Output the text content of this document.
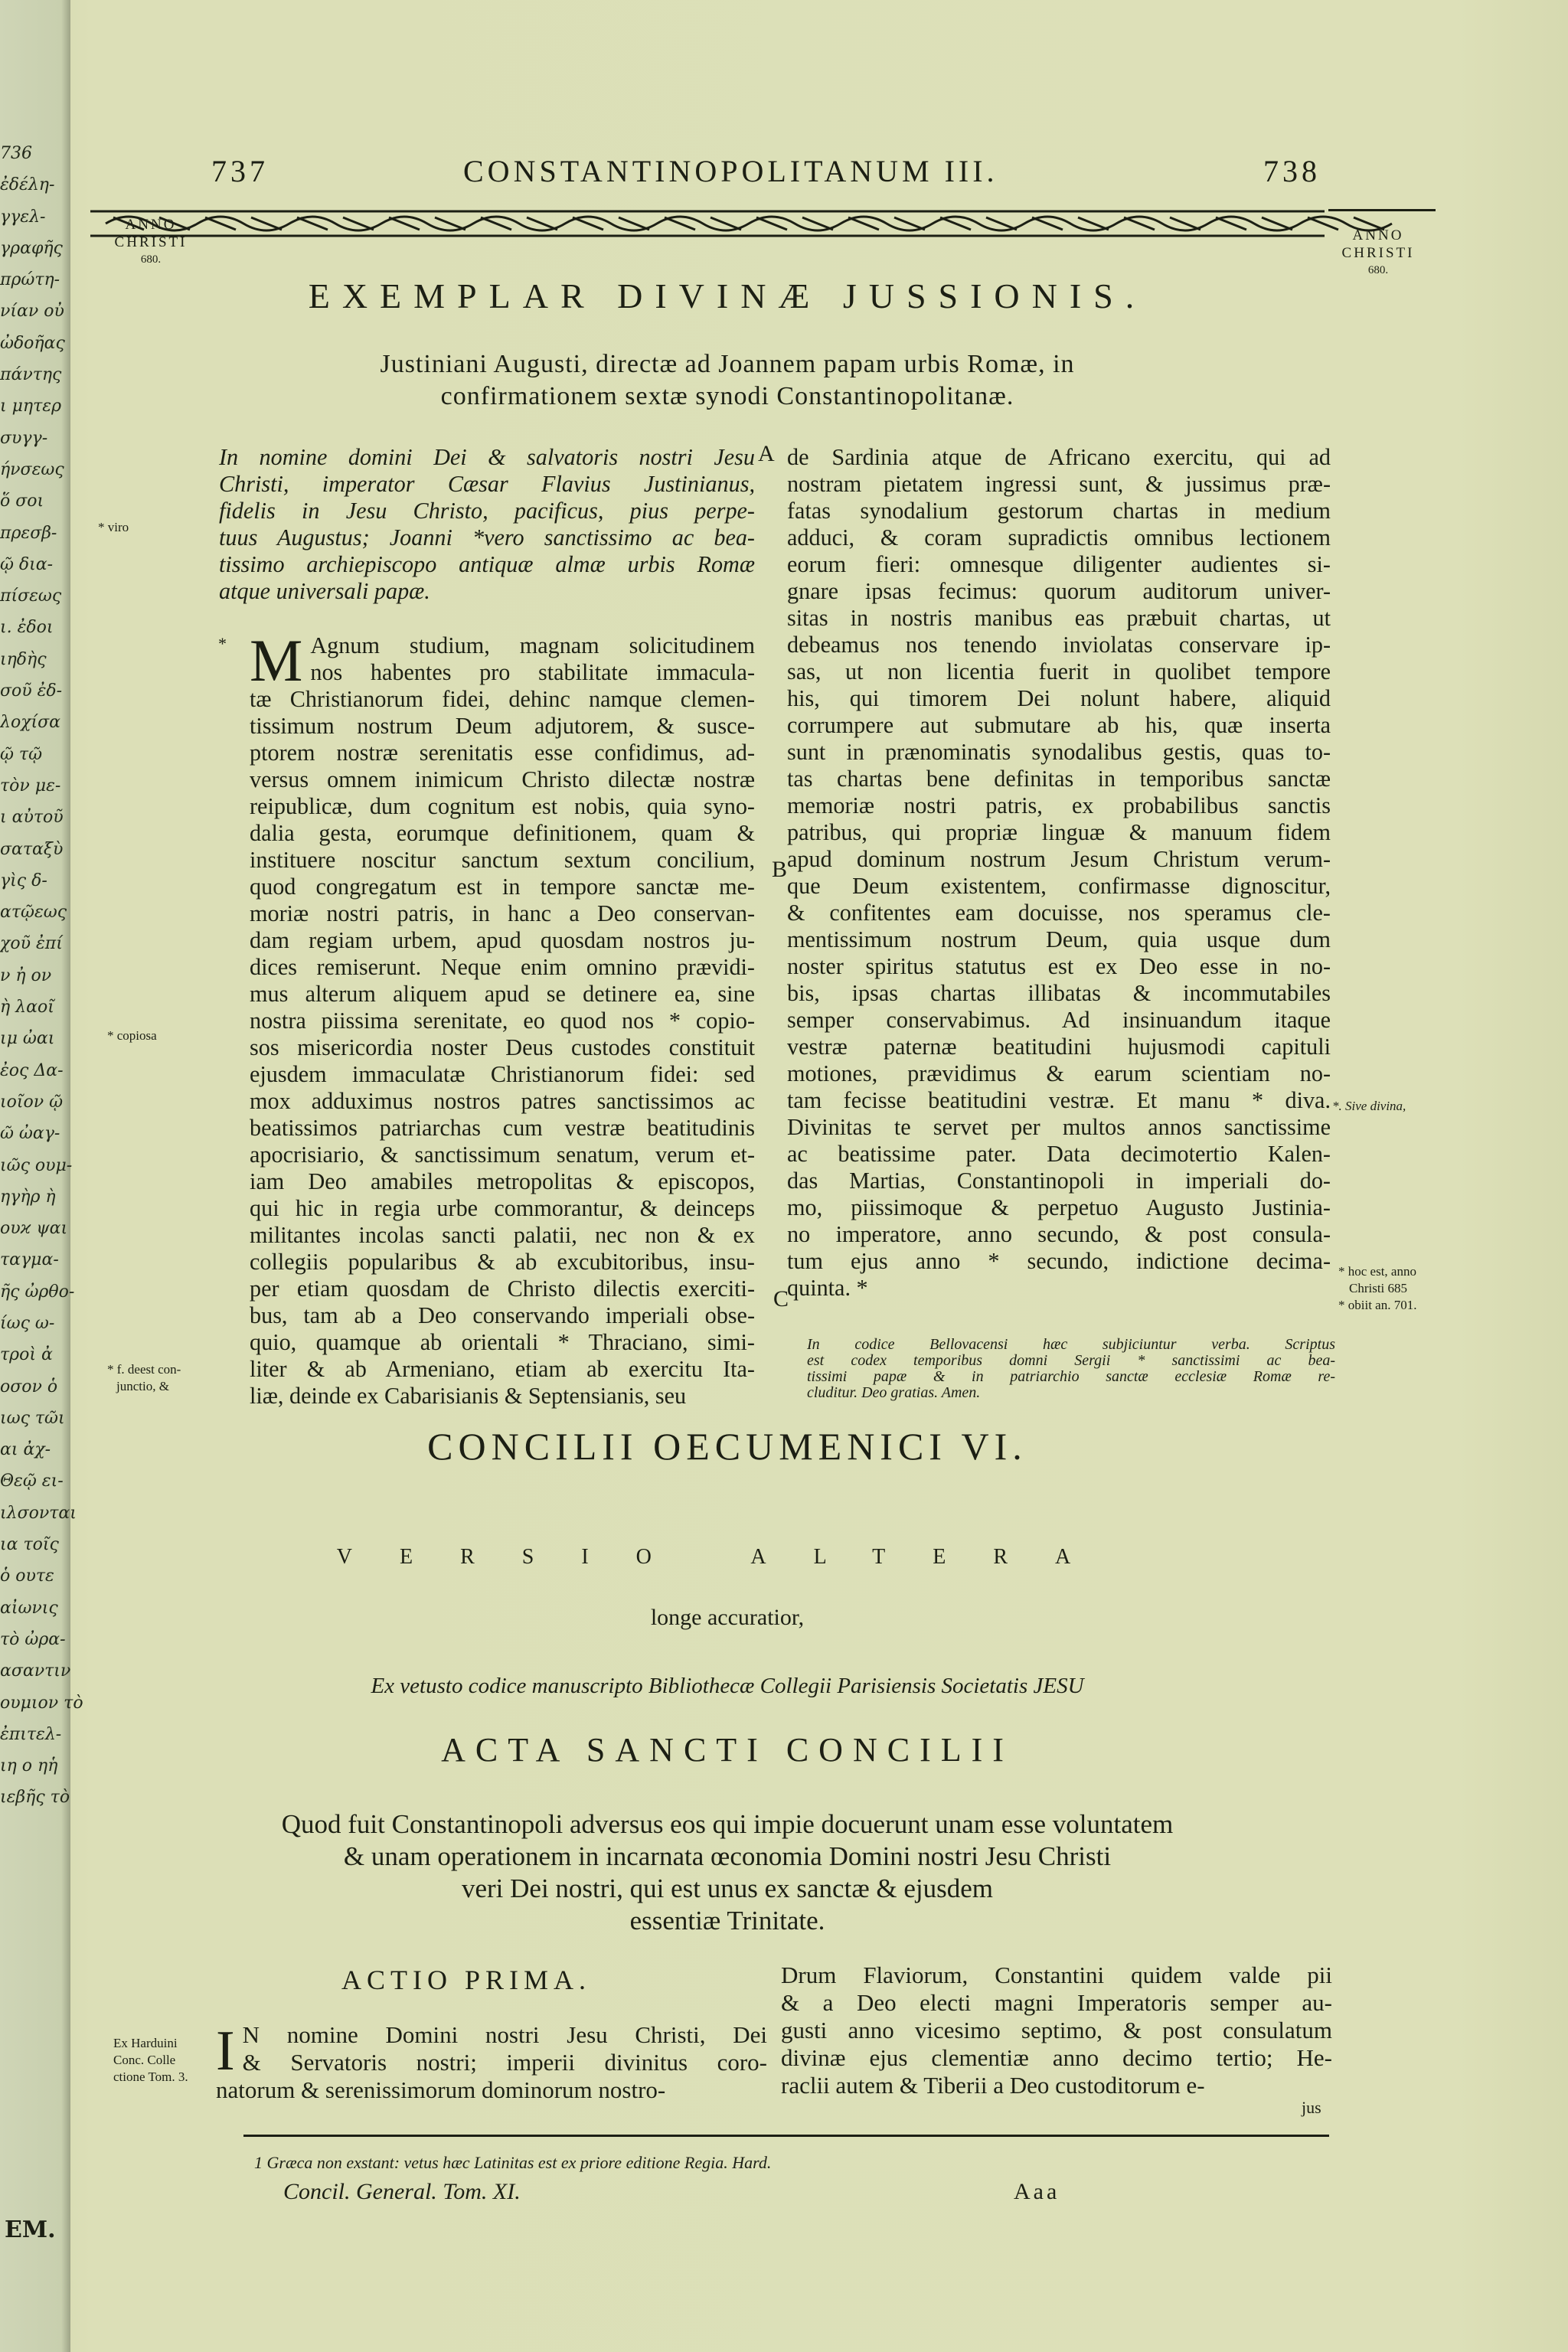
736
ἐδέλη-
γγελ-
γραφῆς
πρώτη-
νίαν οὐ
ὠδοῆας
πάντης
ι μητερ
συγγ-
ήνσεως
ὅ σοι
πρεσβ-
ῷ δια-
πίσεως
ι. ἐδοι
ιηδὴς
σοῦ ἐδ-
λοχίσα
ῷ τῷ
τὸν με-
ι αὐτοῦ
σαταξὺ
γὶς δ-
ατῷεως
χοῦ ἐπί
ν ἠ ον
ὴ λαοῖ
ιμ ὠαι
ἐος Δα-
ιοῖον ῷ
ῶ ὠαγ-
ιῶς ουμ-
ηγὴρ ὴ
ουϰ ψαι
ταγμα-
ῆς ὠρθο-
ίως ω-
τροὶ ἀ
οσον ὁ
ιως τῶι
αι ἀχ-
Θεῷ ει-
ιλσονται
ια τοῖς
ὁ ουτε
αἰωνις
τὸ ὠρα-
ασαντιν
ουμιον τὸ
ἐπιτελ-
ιη ο ηἡ
ιεβῆς τὸ
EM.
737	CONSTANTINOPOLITANUM III.	738
ANNO
CHRISTI
680.
ANNO
CHRISTI
680.
EXEMPLAR DIVINÆ JUSSIONIS.
Justiniani Augusti, directæ ad Joannem papam urbis Romæ, in
confirmationem sextæ synodi Constantinopolitanæ.
* viro
* copiosa
* f. deest con-
junctio, &
In nomine domini Dei & salvatoris nostri Jesu
Christi, imperator Cæsar Flavius Justinianus,
fidelis in Jesu Christo, pacificus, pius perpe-
tuus Augustus; Joanni *vero sanctissimo ac bea-
tissimo archiepiscopo antiquæ almæ urbis Romæ
atque universali papæ.
* M Agnum studium, magnam solicitudinem
nos habentes pro stabilitate immacula-
tæ Christianorum fidei, dehinc namque clemen-
tissimum nostrum Deum adjutorem, & susce-
ptorem nostræ serenitatis esse confidimus, ad-
versus omnem inimicum Christo dilectæ nostræ
reipublicæ, dum cognitum est nobis, quia syno-
dalia gesta, eorumque definitionem, quam &
instituere noscitur sanctum sextum concilium,
quod congregatum est in tempore sanctæ me-
moriæ nostri patris, in hanc a Deo conservan-
dam regiam urbem, apud quosdam nostros ju-
dices remiserunt. Neque enim omnino prævidi-
mus alterum aliquem apud se detinere ea, sine
nostra piissima serenitate, eo quod nos * copio-
sos misericordia noster Deus custodes constituit
ejusdem immaculatæ Christianorum fidei: sed
mox adduximus nostros patres sanctissimos ac
beatissimos patriarchas cum vestræ beatitudinis
apocrisiario, & sanctissimum senatum, verum et-
iam Deo amabiles metropolitas & episcopos,
qui hic in regia urbe commorantur, & deinceps
militantes incolas sancti palatii, nec non & ex
collegiis popularibus & ab excubitoribus, insu-
per etiam quosdam de Christo dilectis exerciti-
bus, tam ab a Deo conservando imperiali obse-
quio, quamque ab orientali * Thraciano, simi-
liter & ab Armeniano, etiam ab exercitu Ita-
liæ, deinde ex Cabarisianis & Septensianis, seu
A
B
C
de Sardinia atque de Africano exercitu, qui ad
nostram pietatem ingressi sunt, & jussimus præ-
fatas synodalium gestorum chartas in medium
adduci, & coram supradictis omnibus lectionem
eorum fieri: omnesque diligenter audientes si-
gnare ipsas fecimus: quorum auditorum univer-
sitas in nostris manibus eas præbuit chartas, ut
debeamus nos tenendo inviolatas conservare ip-
sas, ut non licentia fuerit in quolibet tempore
his, qui timorem Dei nolunt habere, aliquid
corrumpere aut submutare ab his, quæ inserta
sunt in prænominatis synodalibus gestis, quas to-
tas chartas bene definitas in temporibus sanctæ
memoriæ nostri patris, ex probabilibus sanctis
patribus, qui propriæ linguæ & manuum fidem
apud dominum nostrum Jesum Christum verum-
que Deum existentem, confirmasse dignoscitur,
& confitentes eam docuisse, nos speramus cle-
mentissimum nostrum Deum, quia usque dum
noster spiritus statutus est ex Deo esse in no-
bis, ipsas chartas illibatas & incommutabiles
semper conservabimus. Ad insinuandum itaque
vestræ paternæ beatitudini hujusmodi capituli
motiones, prævidimus & earum scientiam no-
tam fecisse beatitudini vestræ. Et manu * diva.
Divinitas te servet per multos annos sanctissime
ac beatissime pater. Data decimotertio Kalen-
das Martias, Constantinopoli in imperiali do-
mo, piissimoque & perpetuo Augusto Justinia-
no imperatore, anno secundo, & post consula-
tum ejus anno * secundo, indictione decima-
quinta. *
*. Sive divina,
* hoc est, anno
Christi 685
* obiit an. 701.
In codice Bellovacensi hæc subjiciuntur verba. Scriptus
est codex temporibus domni Sergii * sanctissimi ac bea-
tissimi papæ & in patriarchio sanctæ ecclesiæ Romæ re-
cluditur. Deo gratias. Amen.
CONCILII OECUMENICI VI.
VERSIO ALTERA
longe accuratior,
Ex vetusto codice manuscripto Bibliothecæ Collegii Parisiensis Societatis JESU
ACTA SANCTI CONCILII
Quod fuit Constantinopoli adversus eos qui impie docuerunt unam esse voluntatem
& unam operationem in incarnata œconomia Domini nostri Jesu Christi
veri Dei nostri, qui est unus ex sanctæ & ejusdem
essentiæ Trinitate.
ACTIO PRIMA.
Ex Harduini
Conc. Colle
ctione Tom. 3. I N nomine Domini nostri Jesu Christi, Dei
& Servatoris nostri; imperii divinitus coro-
natorum & serenissimorum dominorum nostro-
Drum Flaviorum, Constantini quidem valde pii
& a Deo electi magni Imperatoris semper au-
gusti anno vicesimo septimo, & post consulatum
divinæ ejus clementiæ anno decimo tertio; He-
raclii autem & Tiberii a Deo custoditorum e-
jus
1 Græca non exstant: vetus hæc Latinitas est ex priore editione Regia. Hard.
Concil. General. Tom. XI.	Aaa
